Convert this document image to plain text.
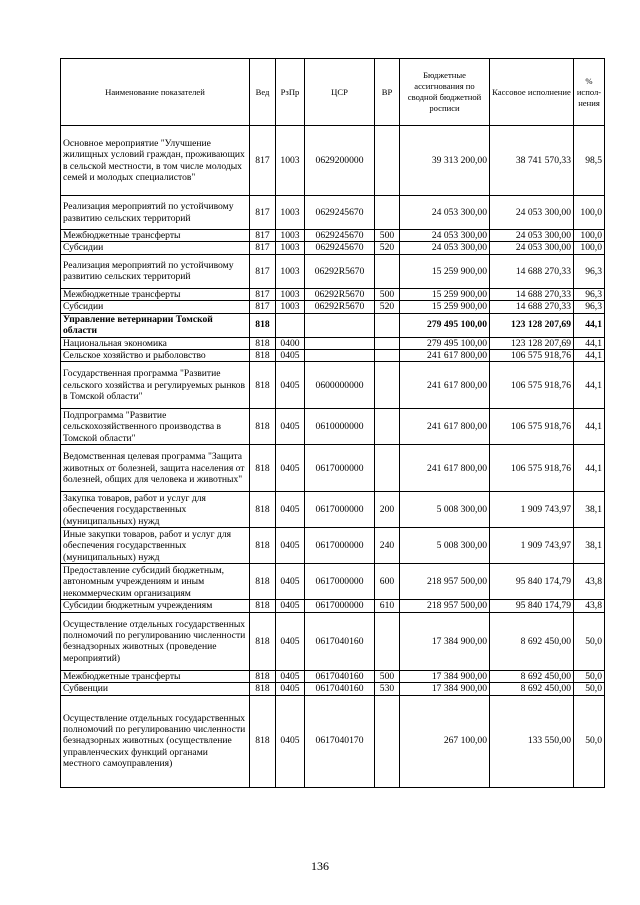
Наименование показателей	Вед	РзПр	ЦСР	ВР	Бюджетные ассигнования по сводной бюджетной росписи	Кассовое исполнение	% испол-нения
Основное мероприятие "Улучшение жилищных условий граждан, проживающих в сельской местности, в том числе молодых семей и молодых специалистов"	817	1003	0629200000		39 313 200,00	38 741 570,33	98,5
Реализация мероприятий по устойчивому развитию сельских территорий	817	1003	0629245670		24 053 300,00	24 053 300,00	100,0
Межбюджетные трансферты	817	1003	0629245670	500	24 053 300,00	24 053 300,00	100,0
Субсидии	817	1003	0629245670	520	24 053 300,00	24 053 300,00	100,0
Реализация мероприятий по устойчивому развитию сельских территорий	817	1003	06292R5670		15 259 900,00	14 688 270,33	96,3
Межбюджетные трансферты	817	1003	06292R5670	500	15 259 900,00	14 688 270,33	96,3
Субсидии	817	1003	06292R5670	520	15 259 900,00	14 688 270,33	96,3
Управление ветеринарии Томской области	818				279 495 100,00	123 128 207,69	44,1
Национальная экономика	818	0400			279 495 100,00	123 128 207,69	44,1
Сельское хозяйство и рыболовство	818	0405			241 617 800,00	106 575 918,76	44,1
Государственная программа "Развитие сельского хозяйства и регулируемых рынков в Томской области"	818	0405	0600000000		241 617 800,00	106 575 918,76	44,1
Подпрограмма "Развитие сельскохозяйственного производства в Томской области"	818	0405	0610000000		241 617 800,00	106 575 918,76	44,1
Ведомственная целевая программа "Защита животных от болезней, защита населения от болезней, общих для человека и животных"	818	0405	0617000000		241 617 800,00	106 575 918,76	44,1
Закупка товаров, работ и услуг для обеспечения государственных (муниципальных) нужд	818	0405	0617000000	200	5 008 300,00	1 909 743,97	38,1
Иные закупки товаров, работ и услуг для обеспечения государственных (муниципальных) нужд	818	0405	0617000000	240	5 008 300,00	1 909 743,97	38,1
Предоставление субсидий бюджетным, автономным учреждениям и иным некоммерческим организациям	818	0405	0617000000	600	218 957 500,00	95 840 174,79	43,8
Субсидии бюджетным учреждениям	818	0405	0617000000	610	218 957 500,00	95 840 174,79	43,8
Осуществление отдельных государственных полномочий по регулированию численности безнадзорных животных (проведение мероприятий)	818	0405	0617040160		17 384 900,00	8 692 450,00	50,0
Межбюджетные трансферты	818	0405	0617040160	500	17 384 900,00	8 692 450,00	50,0
Субвенции	818	0405	0617040160	530	17 384 900,00	8 692 450,00	50,0
Осуществление отдельных государственных полномочий по регулированию численности безнадзорных животных (осуществление управленческих функций органами местного самоуправления)	818	0405	0617040170		267 100,00	133 550,00	50,0
136
